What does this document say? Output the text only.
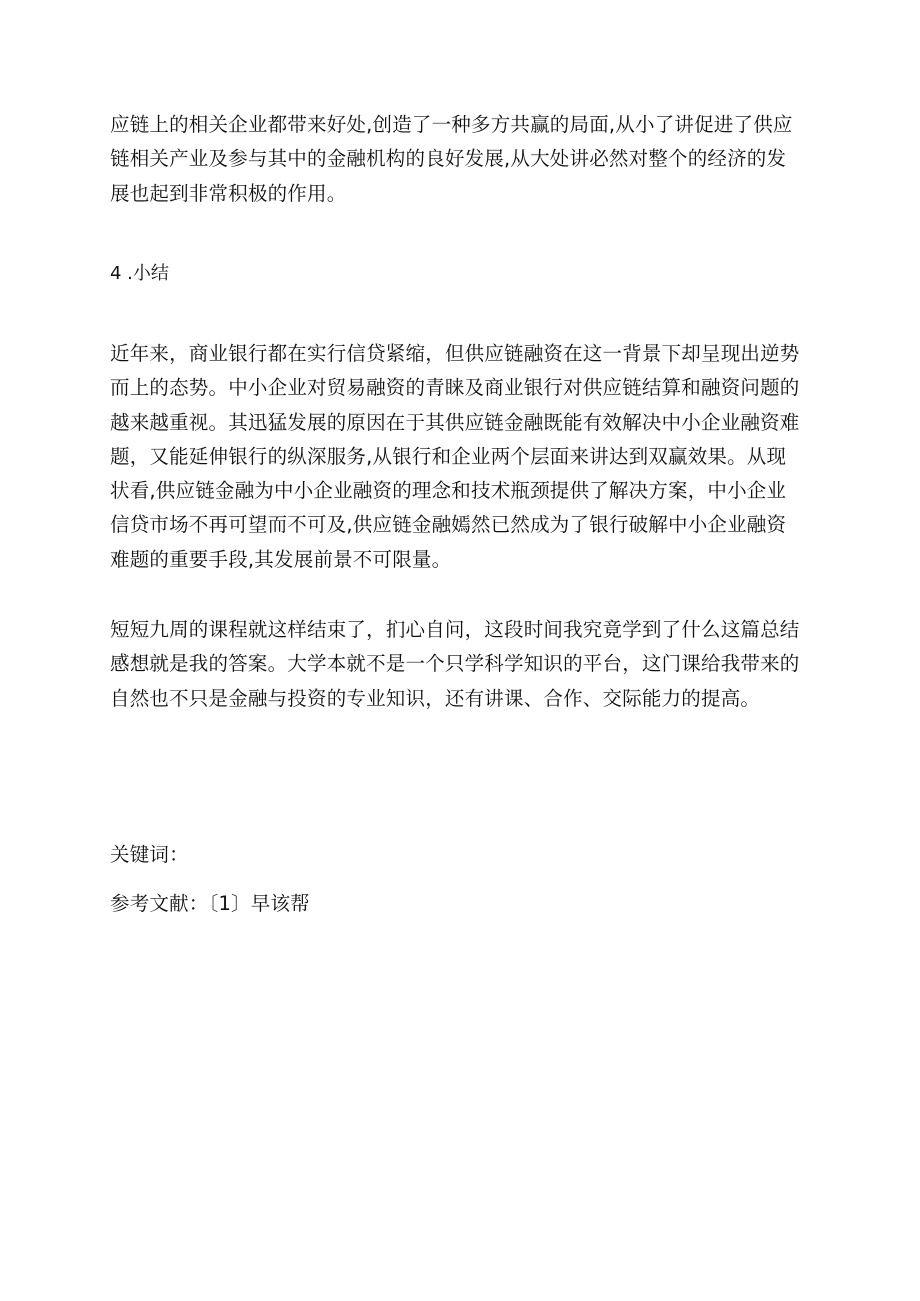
应链上的相关企业都带来好处,创造了一种多方共赢的局面,从小了讲促进了供应
链相关产业及参与其中的金融机构的良好发展,从大处讲必然对整个的经济的发
展也起到非常积极的作用。
4 .小结
近年来，商业银行都在实行信贷紧缩，但供应链融资在这一背景下却呈现出逆势
而上的态势。中小企业对贸易融资的青睐及商业银行对供应链结算和融资问题的
越来越重视。其迅猛发展的原因在于其供应链金融既能有效解决中小企业融资难
题，又能延伸银行的纵深服务,从银行和企业两个层面来讲达到双赢效果。从现
状看,供应链金融为中小企业融资的理念和技术瓶颈提供了解决方案，中小企业
信贷市场不再可望而不可及,供应链金融嫣然已然成为了银行破解中小企业融资
难题的重要手段,其发展前景不可限量。
短短九周的课程就这样结束了，扪心自问，这段时间我究竟学到了什么这篇总结
感想就是我的答案。大学本就不是一个只学科学知识的平台，这门课给我带来的
自然也不只是金融与投资的专业知识，还有讲课、合作、交际能力的提高。
关键词：
参考文献：〔1〕早该帮
